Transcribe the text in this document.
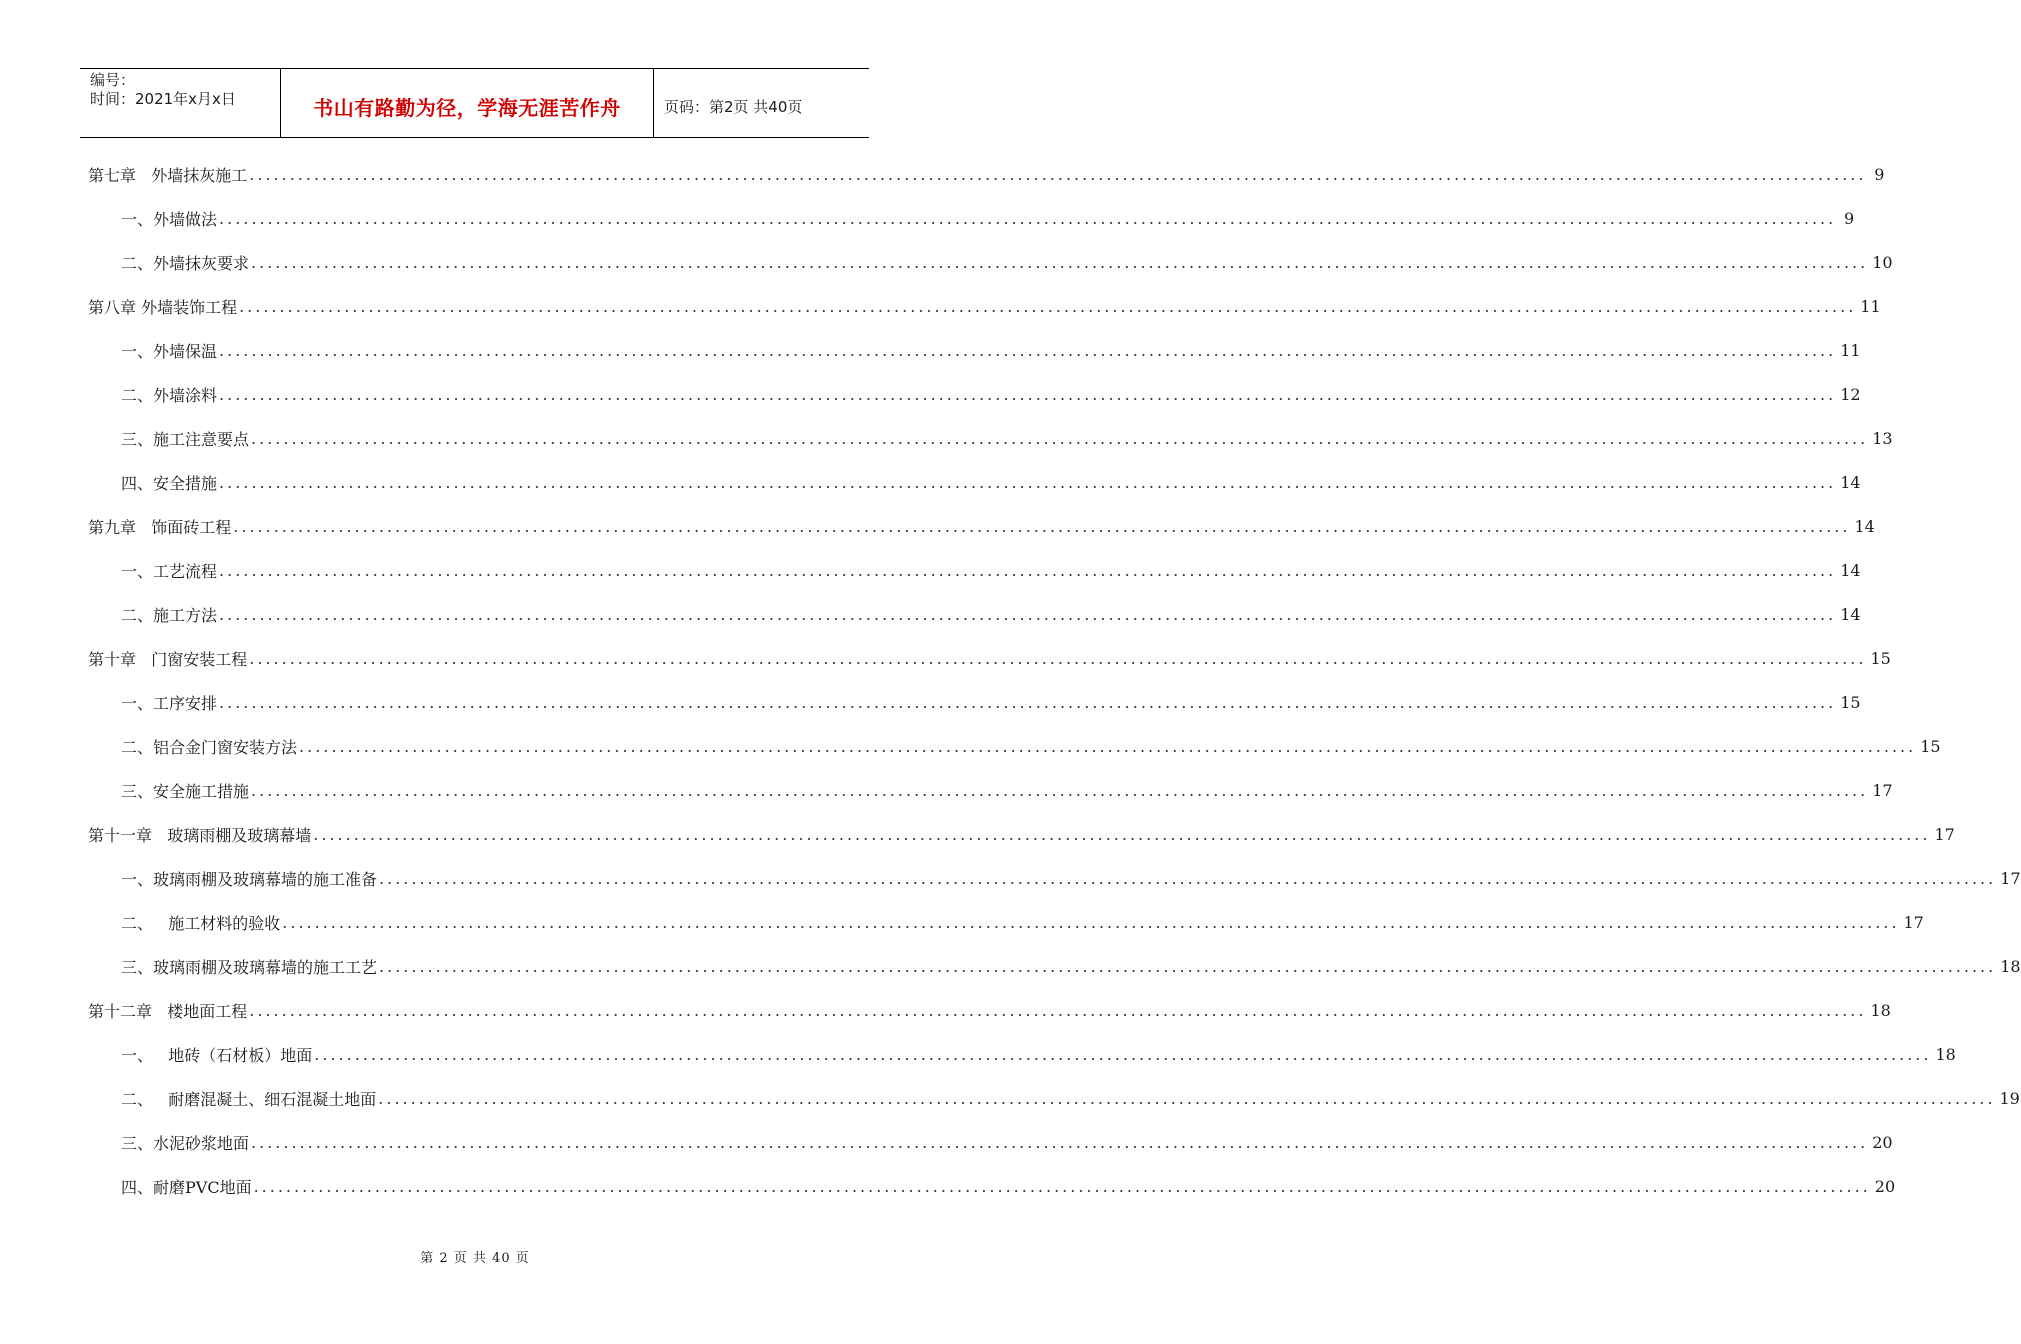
编号：
时间：2021年x月x日	书山有路勤为径，学海无涯苦作舟	页码：第2页 共40页
第七章   外墙抹灰施工 ........................................................................................................................................................................................................ 9
一、外墙做法 ........................................................................................................................................................................................................ 9
二、外墙抹灰要求 ........................................................................................................................................................................................................ 10
第八章 外墙装饰工程 ........................................................................................................................................................................................................ 11
一、外墙保温 ........................................................................................................................................................................................................ 11
二、外墙涂料 ........................................................................................................................................................................................................ 12
三、施工注意要点 ........................................................................................................................................................................................................ 13
四、安全措施 ........................................................................................................................................................................................................ 14
第九章   饰面砖工程 ........................................................................................................................................................................................................ 14
一、工艺流程 ........................................................................................................................................................................................................ 14
二、施工方法 ........................................................................................................................................................................................................ 14
第十章   门窗安装工程 ........................................................................................................................................................................................................ 15
一、工序安排 ........................................................................................................................................................................................................ 15
二、铝合金门窗安装方法 ........................................................................................................................................................................................................ 15
三、安全施工措施 ........................................................................................................................................................................................................ 17
第十一章   玻璃雨棚及玻璃幕墙 ........................................................................................................................................................................................................ 17
一、玻璃雨棚及玻璃幕墙的施工准备 ........................................................................................................................................................................................................ 17
二、   施工材料的验收 ........................................................................................................................................................................................................ 17
三、玻璃雨棚及玻璃幕墙的施工工艺 ........................................................................................................................................................................................................ 18
第十二章   楼地面工程 ........................................................................................................................................................................................................ 18
一、   地砖（石材板）地面 ........................................................................................................................................................................................................ 18
二、   耐磨混凝土、细石混凝土地面 ........................................................................................................................................................................................................ 19
三、水泥砂浆地面 ........................................................................................................................................................................................................ 20
四、耐磨PVC地面 ........................................................................................................................................................................................................ 20
第 2 页 共 40 页
